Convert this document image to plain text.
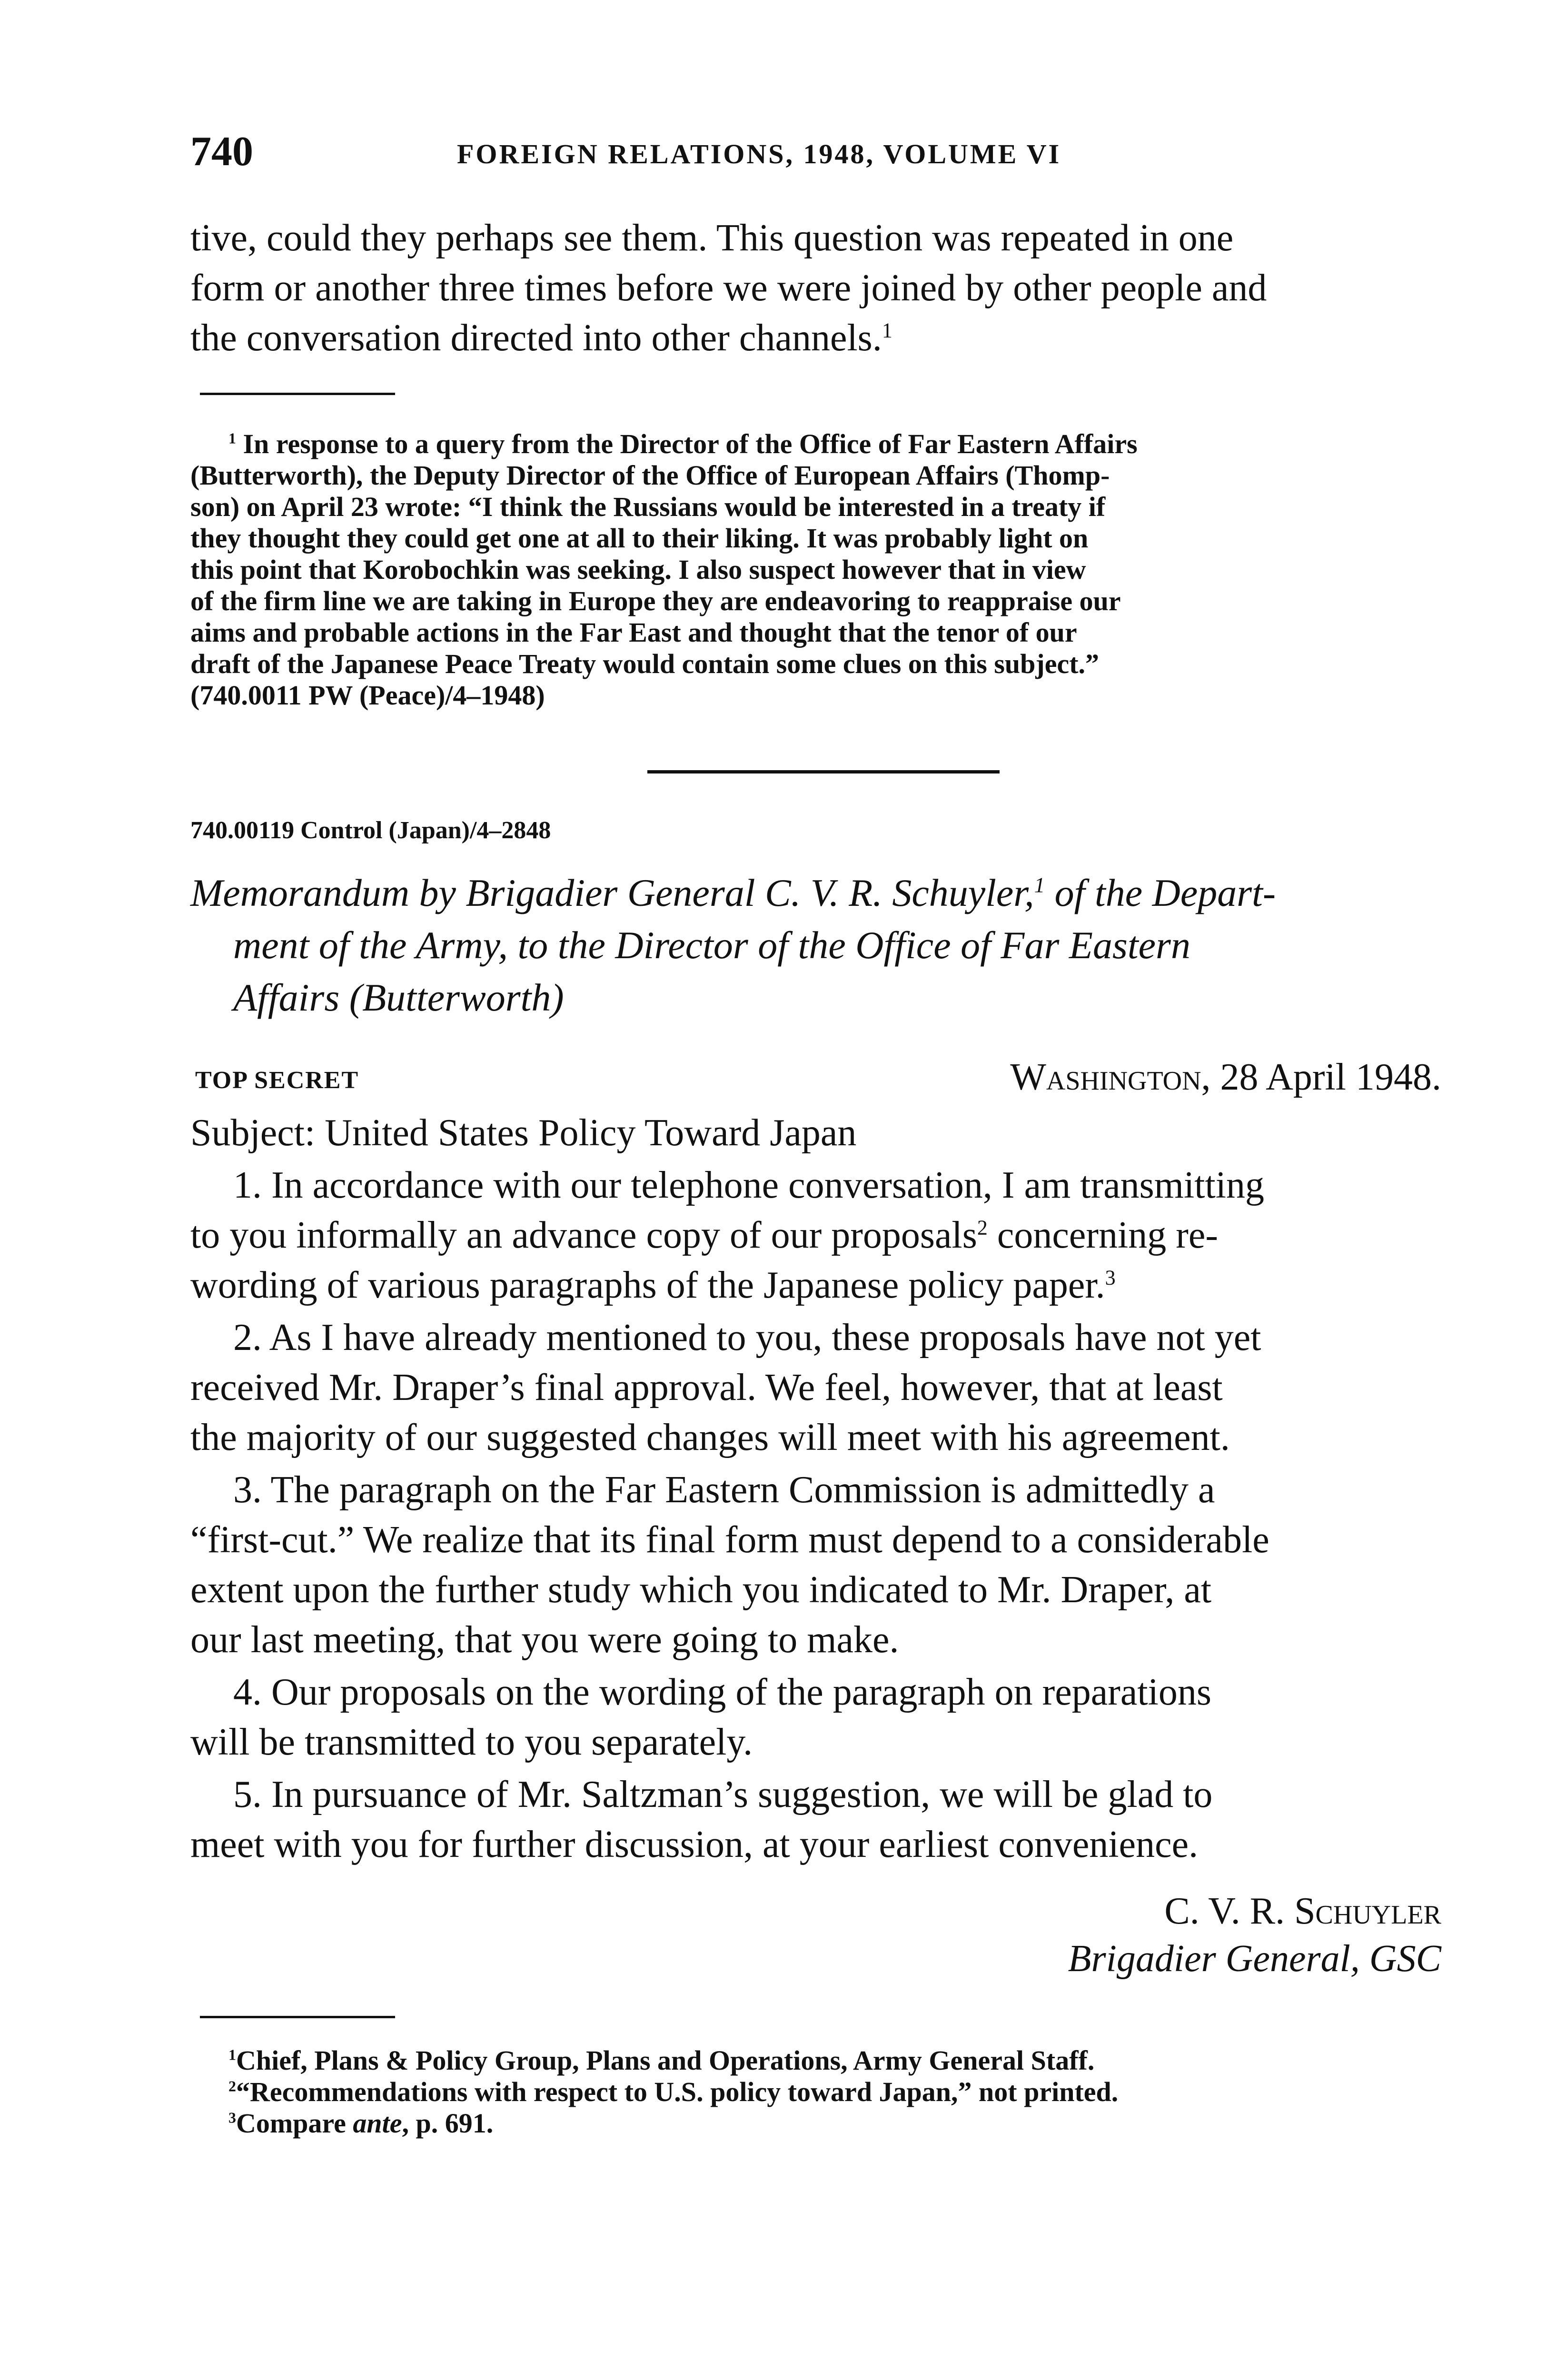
740	FOREIGN RELATIONS, 1948, VOLUME VI
tive, could they perhaps see them. This question was repeated in one
form or another three times before we were joined by other people and
the conversation directed into other channels.$^1$
$^1$ In response to a query from the Director of the Office of Far Eastern Affairs
(Butterworth), the Deputy Director of the Office of European Affairs (Thomp-
son) on April 23 wrote: “I think the Russians would be interested in a treaty if
they thought they could get one at all to their liking. It was probably light on
this point that Korobochkin was seeking. I also suspect however that in view
of the firm line we are taking in Europe they are endeavoring to reappraise our
aims and probable actions in the Far East and thought that the tenor of our
draft of the Japanese Peace Treaty would contain some clues on this subject.”
(740.0011 PW (Peace)/4–1948)
740.00119 Control (Japan)/4–2848
Memorandum by Brigadier General C. V. R. Schuyler,$^1$ of the Depart-
ment of the Army, to the Director of the Office of Far Eastern
Affairs (Butterworth)
TOP SECRET	Washington, 28 April 1948.
Subject: United States Policy Toward Japan
1. In accordance with our telephone conversation, I am transmitting
to you informally an advance copy of our proposals$^2$ concerning re-
wording of various paragraphs of the Japanese policy paper.$^3$
2. As I have already mentioned to you, these proposals have not yet
received Mr. Draper’s final approval. We feel, however, that at least
the majority of our suggested changes will meet with his agreement.
3. The paragraph on the Far Eastern Commission is admittedly a
“first-cut.” We realize that its final form must depend to a considerable
extent upon the further study which you indicated to Mr. Draper, at
our last meeting, that you were going to make.
4. Our proposals on the wording of the paragraph on reparations
will be transmitted to you separately.
5. In pursuance of Mr. Saltzman’s suggestion, we will be glad to
meet with you for further discussion, at your earliest convenience.
C. V. R. Schuyler
Brigadier General, GSC
$^1$Chief, Plans & Policy Group, Plans and Operations, Army General Staff.
$^2$“Recommendations with respect to U.S. policy toward Japan,” not printed.
$^3$Compare ante, p. 691.
